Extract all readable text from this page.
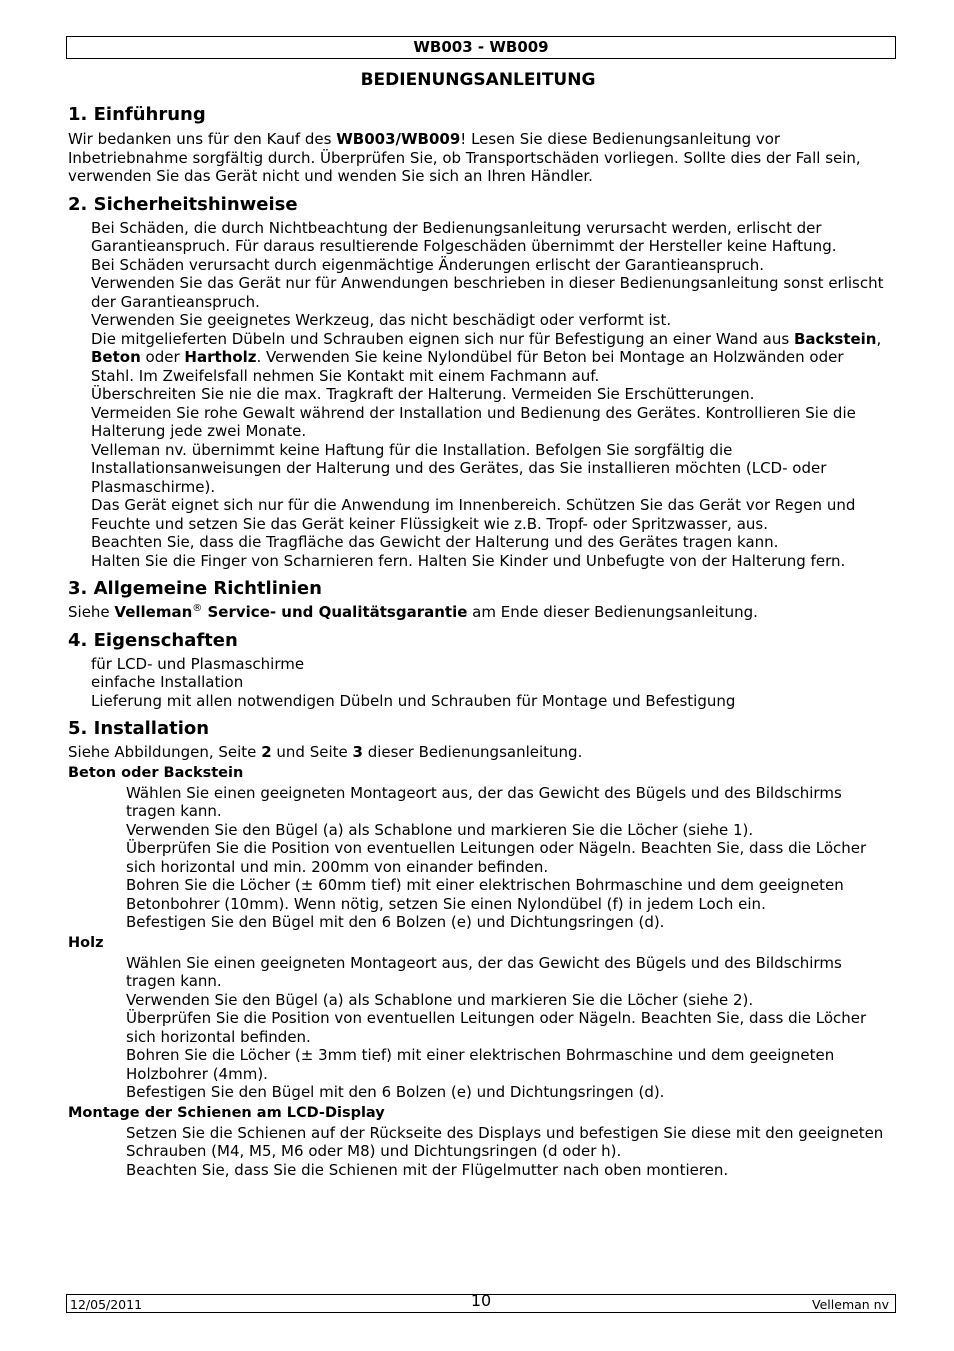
WB003 - WB009
BEDIENUNGSANLEITUNG
1. Einführung

Wir bedanken uns für den Kauf des WB003/WB009! Lesen Sie diese Bedienungsanleitung vor Inbetriebnahme sorgfältig durch. Überprüfen Sie, ob Transportschäden vorliegen. Sollte dies der Fall sein, verwenden Sie das Gerät nicht und wenden Sie sich an Ihren Händler.

2. Sicherheitshinweise

Bei Schäden, die durch Nichtbeachtung der Bedienungsanleitung verursacht werden, erlischt der Garantieanspruch. Für daraus resultierende Folgeschäden übernimmt der Hersteller keine Haftung.

Bei Schäden verursacht durch eigenmächtige Änderungen erlischt der Garantieanspruch.

Verwenden Sie das Gerät nur für Anwendungen beschrieben in dieser Bedienungsanleitung sonst erlischt der Garantieanspruch.

Verwenden Sie geeignetes Werkzeug, das nicht beschädigt oder verformt ist.

Die mitgelieferten Dübeln und Schrauben eignen sich nur für Befestigung an einer Wand aus Backstein, Beton oder Hartholz. Verwenden Sie keine Nylondübel für Beton bei Montage an Holzwänden oder Stahl. Im Zweifelsfall nehmen Sie Kontakt mit einem Fachmann auf.

Überschreiten Sie nie die max. Tragkraft der Halterung. Vermeiden Sie Erschütterungen.

Vermeiden Sie rohe Gewalt während der Installation und Bedienung des Gerätes. Kontrollieren Sie die Halterung jede zwei Monate.

Velleman nv. übernimmt keine Haftung für die Installation. Befolgen Sie sorgfältig die Installationsanweisungen der Halterung und des Gerätes, das Sie installieren möchten (LCD- oder Plasmaschirme).

Das Gerät eignet sich nur für die Anwendung im Innenbereich. Schützen Sie das Gerät vor Regen und Feuchte und setzen Sie das Gerät keiner Flüssigkeit wie z.B. Tropf- oder Spritzwasser, aus.

Beachten Sie, dass die Tragfläche das Gewicht der Halterung und des Gerätes tragen kann.

Halten Sie die Finger von Scharnieren fern. Halten Sie Kinder und Unbefugte von der Halterung fern.

3. Allgemeine Richtlinien

Siehe Velleman® Service- und Qualitätsgarantie am Ende dieser Bedienungsanleitung.

4. Eigenschaften

für LCD- und Plasmaschirme

einfache Installation

Lieferung mit allen notwendigen Dübeln und Schrauben für Montage und Befestigung

5. Installation

Siehe Abbildungen, Seite 2 und Seite 3 dieser Bedienungsanleitung.

Beton oder Backstein

Wählen Sie einen geeigneten Montageort aus, der das Gewicht des Bügels und des Bildschirms tragen kann.

Verwenden Sie den Bügel (a) als Schablone und markieren Sie die Löcher (siehe 1).

Überprüfen Sie die Position von eventuellen Leitungen oder Nägeln. Beachten Sie, dass die Löcher sich horizontal und min. 200mm von einander befinden.

Bohren Sie die Löcher (± 60mm tief) mit einer elektrischen Bohrmaschine und dem geeigneten Betonbohrer (10mm). Wenn nötig, setzen Sie einen Nylondübel (f) in jedem Loch ein.

Befestigen Sie den Bügel mit den 6 Bolzen (e) und Dichtungsringen (d).

Holz

Wählen Sie einen geeigneten Montageort aus, der das Gewicht des Bügels und des Bildschirms tragen kann.

Verwenden Sie den Bügel (a) als Schablone und markieren Sie die Löcher (siehe 2).

Überprüfen Sie die Position von eventuellen Leitungen oder Nägeln. Beachten Sie, dass die Löcher sich horizontal befinden.

Bohren Sie die Löcher (± 3mm tief) mit einer elektrischen Bohrmaschine und dem geeigneten Holzbohrer (4mm).

Befestigen Sie den Bügel mit den 6 Bolzen (e) und Dichtungsringen (d).

Montage der Schienen am LCD-Display

Setzen Sie die Schienen auf der Rückseite des Displays und befestigen Sie diese mit den geeigneten Schrauben (M4, M5, M6 oder M8) und Dichtungsringen (d oder h).

Beachten Sie, dass Sie die Schienen mit der Flügelmutter nach oben montieren.

12/05/2011	10	Velleman nv
